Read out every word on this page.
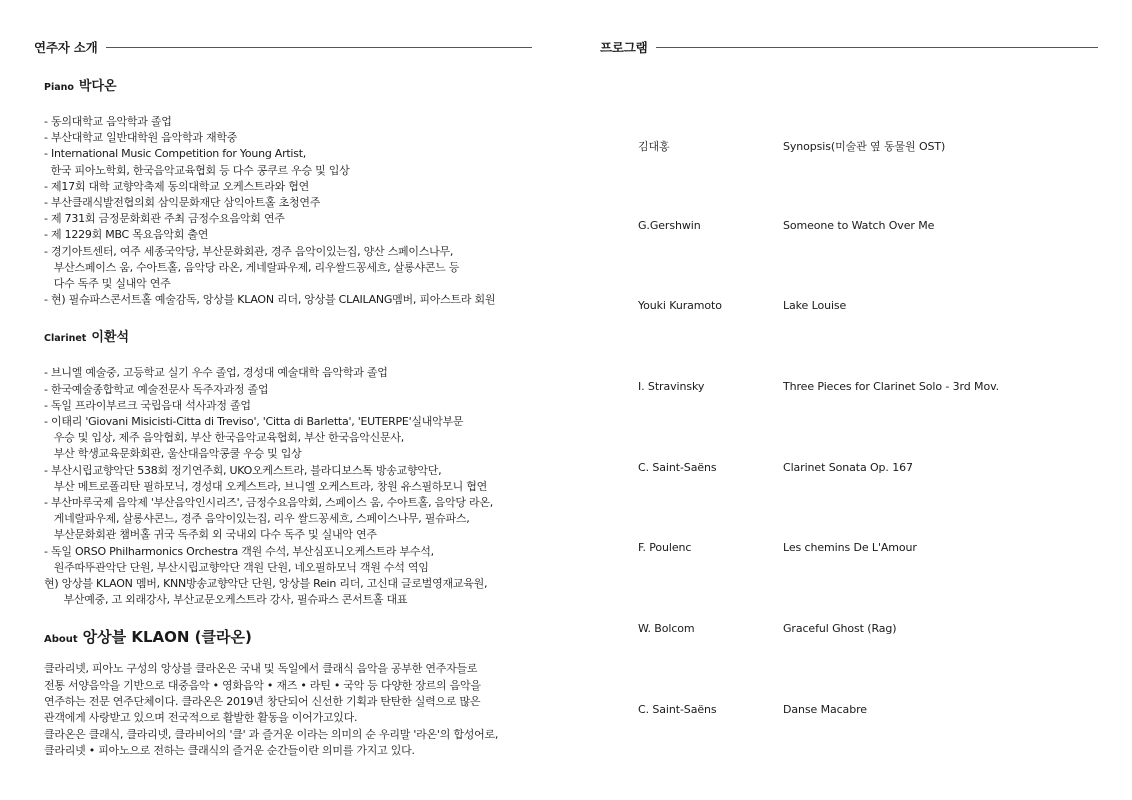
연주자 소개	프로그램
Piano 박다온
- 동의대학교 음악학과 졸업
- 부산대학교 일반대학원 음악학과 재학중
- International Music Competition for Young Artist,
한국 피아노학회, 한국음악교육협회 등 다수 콩쿠르 우승 및 입상
- 제17회 대학 교향악축제 동의대학교 오케스트라와 협연
- 부산클래식발전협의회 삼익문화재단 삼익아트홀 초청연주
- 제 731회 금정문화회관 주최 금정수요음악회 연주
- 제 1229회 MBC 목요음악회 출연
- 경기아트센터, 여주 세종국악당, 부산문화회관, 경주 음악이있는집, 양산 스페이스나무,
부산스페이스 움, 수아트홀, 음악당 라온, 게네랄파우제, 리우쌀드꽁세흐, 살롱샤콘느 등
다수 독주 및 실내악 연주
- 현) 필슈파스콘서트홀 예술감독, 앙상블 KLAON 리더, 앙상블 CLAILANG멤버, 피아스트라 회원
Clarinet 이환석
- 브니엘 예술중, 고등학교 실기 우수 졸업, 경성대 예술대학 음악학과 졸업
- 한국예술종합학교 예술전문사 독주자과정 졸업
- 독일 프라이부르크 국립음대 석사과정 졸업
- 이태리 'Giovani Misicisti-Citta di Treviso', 'Citta di Barletta', 'EUTERPE'실내악부문
우승 및 입상, 제주 음악협회, 부산 한국음악교육협회, 부산 한국음악신문사,
부산 학생교육문화회관, 울산대음악콩쿨 우승 및 입상
- 부산시립교향악단 538회 정기연주회, UKO오케스트라, 블라디보스톡 방송교향악단,
부산 메트로폴리탄 필하모닉, 경성대 오케스트라, 브니엘 오케스트라, 창원 유스필하모니 협연
- 부산마루국제 음악제 '부산음악인시리즈', 금정수요음악회, 스페이스 움, 수아트홀, 음악당 라온,
게네랄파우제, 살롱샤콘느, 경주 음악이있는집, 리우 쌀드꽁세흐, 스페이스나무, 필슈파스,
부산문화회관 챔버홀 귀국 독주회 외 국내외 다수 독주 및 실내악 연주
- 독일 ORSO Philharmonics Orchestra 객원 수석, 부산심포니오케스트라 부수석,
원주따뚜관악단 단원, 부산시립교향악단 객원 단원, 네오필하모닉 객원 수석 역임
현) 앙상블 KLAON 멤버, KNN방송교향악단 단원, 앙상블 Rein 리더, 고신대 글로벌영재교육원,
부산예중, 고 외래강사, 부산교문오케스트라 강사, 필슈파스 콘서트홀 대표
About 앙상블 KLAON (클라온)

클라리넷, 피아노 구성의 앙상블 클라온은 국내 및 독일에서 클래식 음악을 공부한 연주자들로

전통 서양음악을 기반으로 대중음악 • 영화음악 • 재즈 • 라틴 • 국악 등 다양한 장르의 음악을

연주하는 전문 연주단체이다. 클라온은 2019년 창단되어 신선한 기획과 탄탄한 실력으로 많은

관객에게 사랑받고 있으며 전국적으로 활발한 활동을 이어가고있다.

클라온은 클래식, 클라리넷, 클라비어의 '클' 과 즐거운 이라는 의미의 순 우리말 '라온'의 합성어로,

클라리넷 • 피아노으로 전하는 클래식의 즐거운 순간들이란 의미를 가지고 있다.

김대홍	Synopsis(미술관 옆 동물원 OST)
G.Gershwin	Someone to Watch Over Me
Youki Kuramoto	Lake Louise
I. Stravinsky	Three Pieces for Clarinet Solo - 3rd Mov.
C. Saint-Saëns	Clarinet Sonata Op. 167
F. Poulenc	Les chemins De L'Amour
W. Bolcom	Graceful Ghost (Rag)
C. Saint-Saëns	Danse Macabre
